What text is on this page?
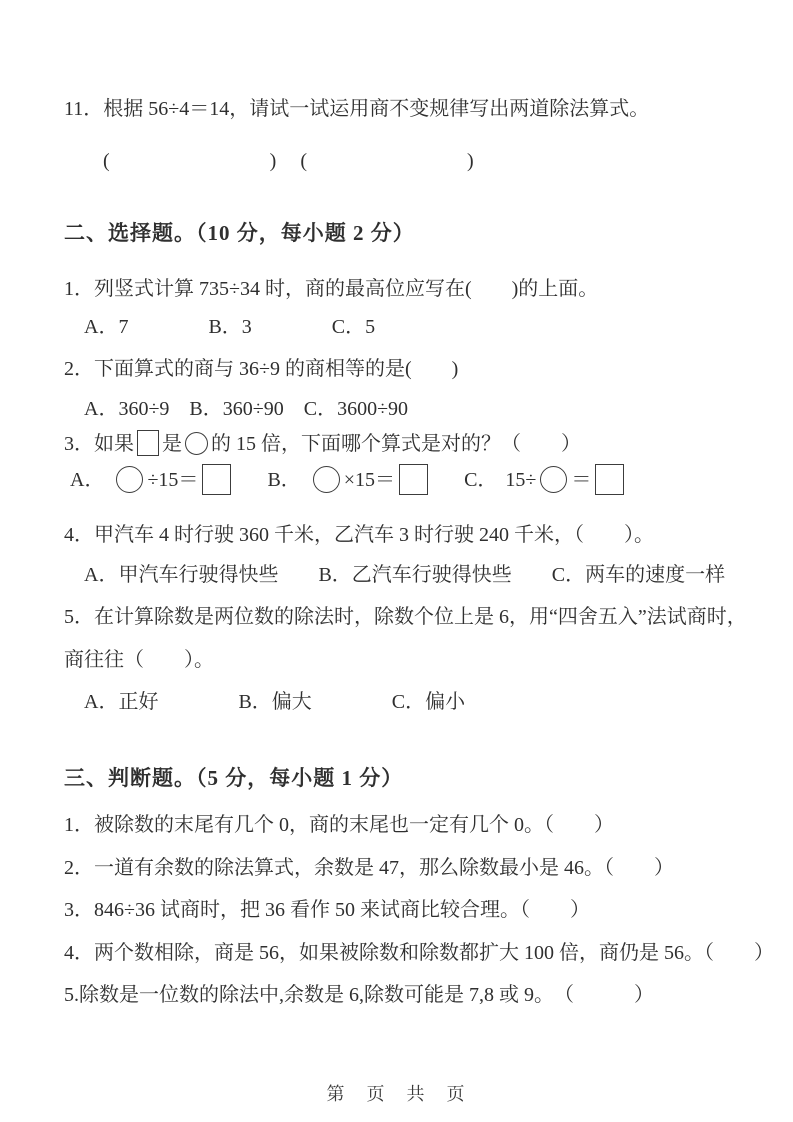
11．根据 56÷4＝14，请试一试运用商不变规律写出两道除法算式。

(　　　　　　　　) (　　　　　　　　)

二、选择题。（10 分，每小题 2 分）

1．列竖式计算 735÷34 时，商的最高位应写在(　　)的上面。

A．7　　　　B．3　　　　C．5

2．下面算式的商与 36÷9 的商相等的是(　　)

A．360÷9　B．360÷90　C．3600÷90

3．如果 是 的 15 倍，下面哪个算式是对的？（　　）

A． ÷15＝	B． ×15＝	C． 15÷ ＝

4．甲汽车 4 时行驶 360 千米，乙汽车 3 时行驶 240 千米，（　　）。

A．甲汽车行驶得快些　　B．乙汽车行驶得快些　　C．两车的速度一样

5．在计算除数是两位数的除法时，除数个位上是 6，用“四舍五入”法试商时，

商往往（　　）。

A．正好　　　　B．偏大　　　　C．偏小

三、判断题。（5 分，每小题 1 分）

1．被除数的末尾有几个 0，商的末尾也一定有几个 0。（　　）

2．一道有余数的除法算式，余数是 47，那么除数最小是 46。（　　）

3．846÷36 试商时，把 36 看作 50 来试商比较合理。（　　）

4．两个数相除，商是 56，如果被除数和除数都扩大 100 倍，商仍是 56。（　　）

5.除数是一位数的除法中,余数是 6,除数可能是 7,8 或 9。　（　　　）

第　页　共　页
